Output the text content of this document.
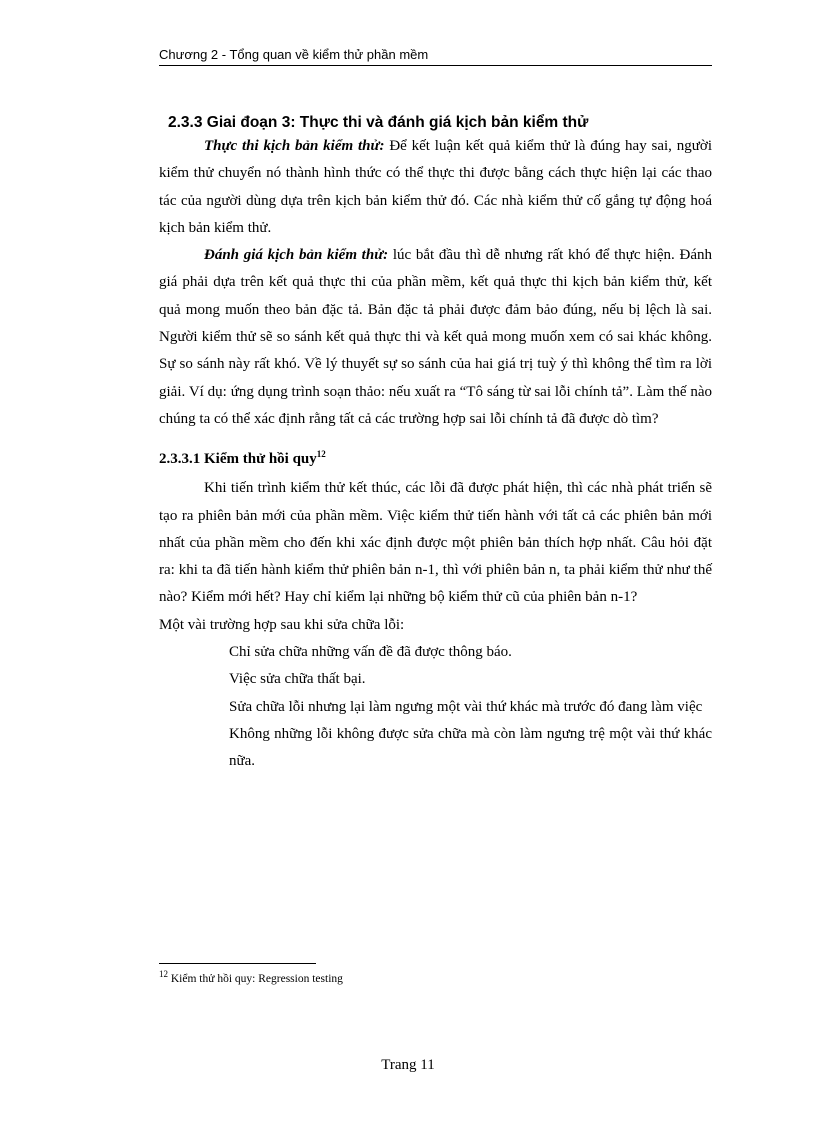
Chương 2 - Tổng quan về kiểm thử phần mềm
2.3.3 Giai đoạn 3: Thực thi và đánh giá kịch bản kiểm thử

Thực thi kịch bản kiểm thử: Để kết luận kết quả kiểm thử là đúng hay sai, người kiểm thử chuyển nó thành hình thức có thể thực thi được bằng cách thực hiện lại các thao tác của người dùng dựa trên kịch bản kiểm thử đó. Các nhà kiểm thử cố gắng tự động hoá kịch bản kiểm thử.

Đánh giá kịch bản kiểm thử: lúc bắt đầu thì dễ nhưng rất khó để thực hiện. Đánh giá phải dựa trên kết quả thực thi của phần mềm, kết quả thực thi kịch bản kiểm thử, kết quả mong muốn theo bản đặc tả. Bản đặc tả phải được đảm bảo đúng, nếu bị lệch là sai. Người kiểm thử sẽ so sánh kết quả thực thi và kết quả mong muốn xem có sai khác không. Sự so sánh này rất khó. Về lý thuyết sự so sánh của hai giá trị tuỳ ý thì không thể tìm ra lời giải. Ví dụ: ứng dụng trình soạn thảo: nếu xuất ra “Tô sáng từ sai lỗi chính tả”. Làm thế nào chúng ta có thể xác định rằng tất cả các trường hợp sai lỗi chính tả đã được dò tìm?

2.3.3.1 Kiểm thử hồi quy$^{12}$

Khi tiến trình kiểm thử kết thúc, các lỗi đã được phát hiện, thì các nhà phát triển sẽ tạo ra phiên bản mới của phần mềm. Việc kiểm thử tiến hành với tất cả các phiên bản mới nhất của phần mềm cho đến khi xác định được một phiên bản thích hợp nhất. Câu hỏi đặt ra: khi ta đã tiến hành kiểm thử phiên bản n-1, thì với phiên bản n, ta phải kiểm thử như thế nào? Kiểm mới hết? Hay chỉ kiểm lại những bộ kiểm thử cũ của phiên bản n-1?

Một vài trường hợp sau khi sửa chữa lỗi:

Chỉ sửa chữa những vấn đề đã được thông báo.
Việc sửa chữa thất bại.
Sửa chữa lỗi nhưng lại làm ngưng một vài thứ khác mà trước đó đang làm việc
Không những lỗi không được sửa chữa mà còn làm ngưng trệ một vài thứ khác nữa.
$^{12}$ Kiểm thử hồi quy: Regression testing
Trang 11
